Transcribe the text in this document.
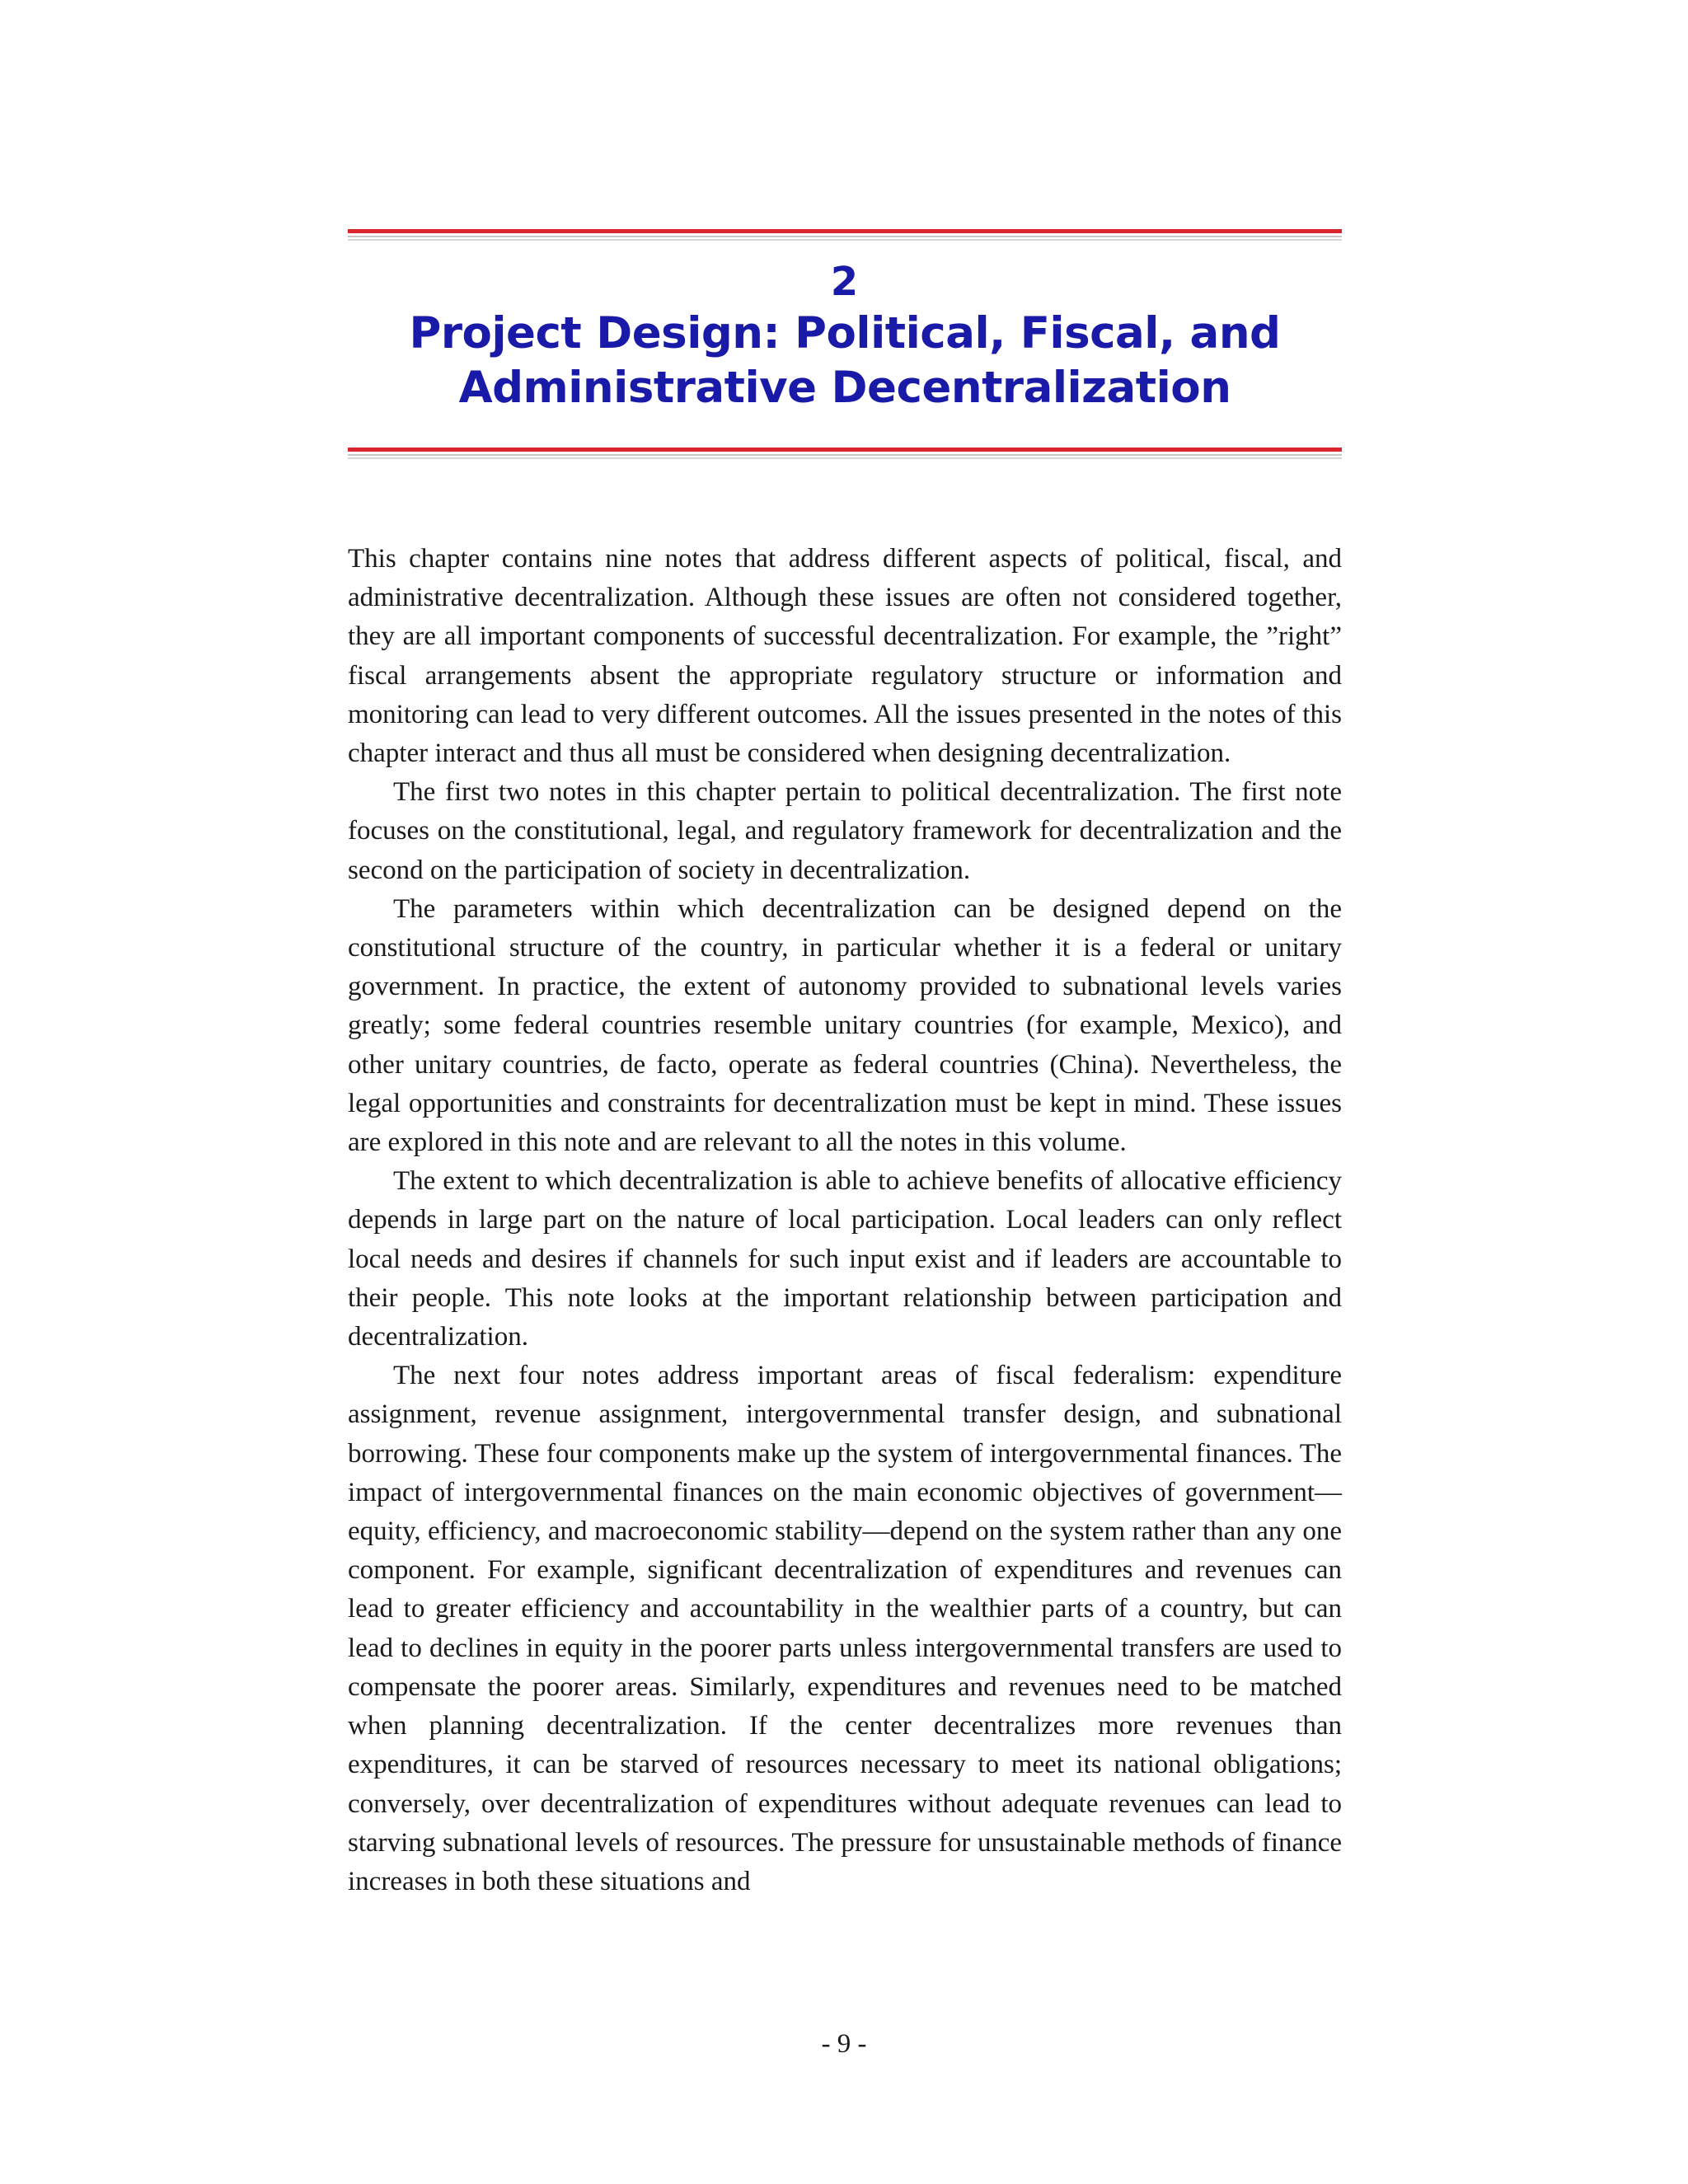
2
Project Design: Political, Fiscal, and
Administrative Decentralization

This chapter contains nine notes that address different aspects of political, fiscal, and administrative decentralization. Although these issues are often not considered together, they are all important components of successful decentralization. For example, the ”right” fiscal arrangements absent the appropriate regulatory structure or information and monitoring can lead to very different outcomes. All the issues presented in the notes of this chapter interact and thus all must be considered when designing decentralization.

The first two notes in this chapter pertain to political decentralization. The first note focuses on the constitutional, legal, and regulatory framework for decentralization and the second on the participation of society in decentralization.

The parameters within which decentralization can be designed depend on the constitutional structure of the country, in particular whether it is a federal or unitary government. In practice, the extent of autonomy provided to subnational levels varies greatly; some federal countries resemble unitary countries (for example, Mexico), and other unitary countries, de facto, operate as federal countries (China). Nevertheless, the legal opportunities and constraints for decentralization must be kept in mind. These issues are explored in this note and are relevant to all the notes in this volume.

The extent to which decentralization is able to achieve benefits of allocative efficiency depends in large part on the nature of local participation. Local leaders can only reflect local needs and desires if channels for such input exist and if leaders are accountable to their people. This note looks at the important relationship between participation and decentralization.

The next four notes address important areas of fiscal federalism: expenditure assignment, revenue assignment, intergovernmental transfer design, and subnational borrowing. These four components make up the system of intergovernmental finances. The impact of intergovernmental finances on the main economic objectives of government—equity, efficiency, and macroeconomic stability—depend on the system rather than any one component. For example, significant decentralization of expenditures and revenues can lead to greater efficiency and accountability in the wealthier parts of a country, but can lead to declines in equity in the poorer parts unless intergovernmental transfers are used to compensate the poorer areas. Similarly, expenditures and revenues need to be matched when planning decentralization. If the center decentralizes more revenues than expenditures, it can be starved of resources necessary to meet its national obligations; conversely, over decentralization of expenditures without adequate revenues can lead to starving subnational levels of resources. The pressure for unsustainable methods of finance increases in both these situations and

- 9 -
